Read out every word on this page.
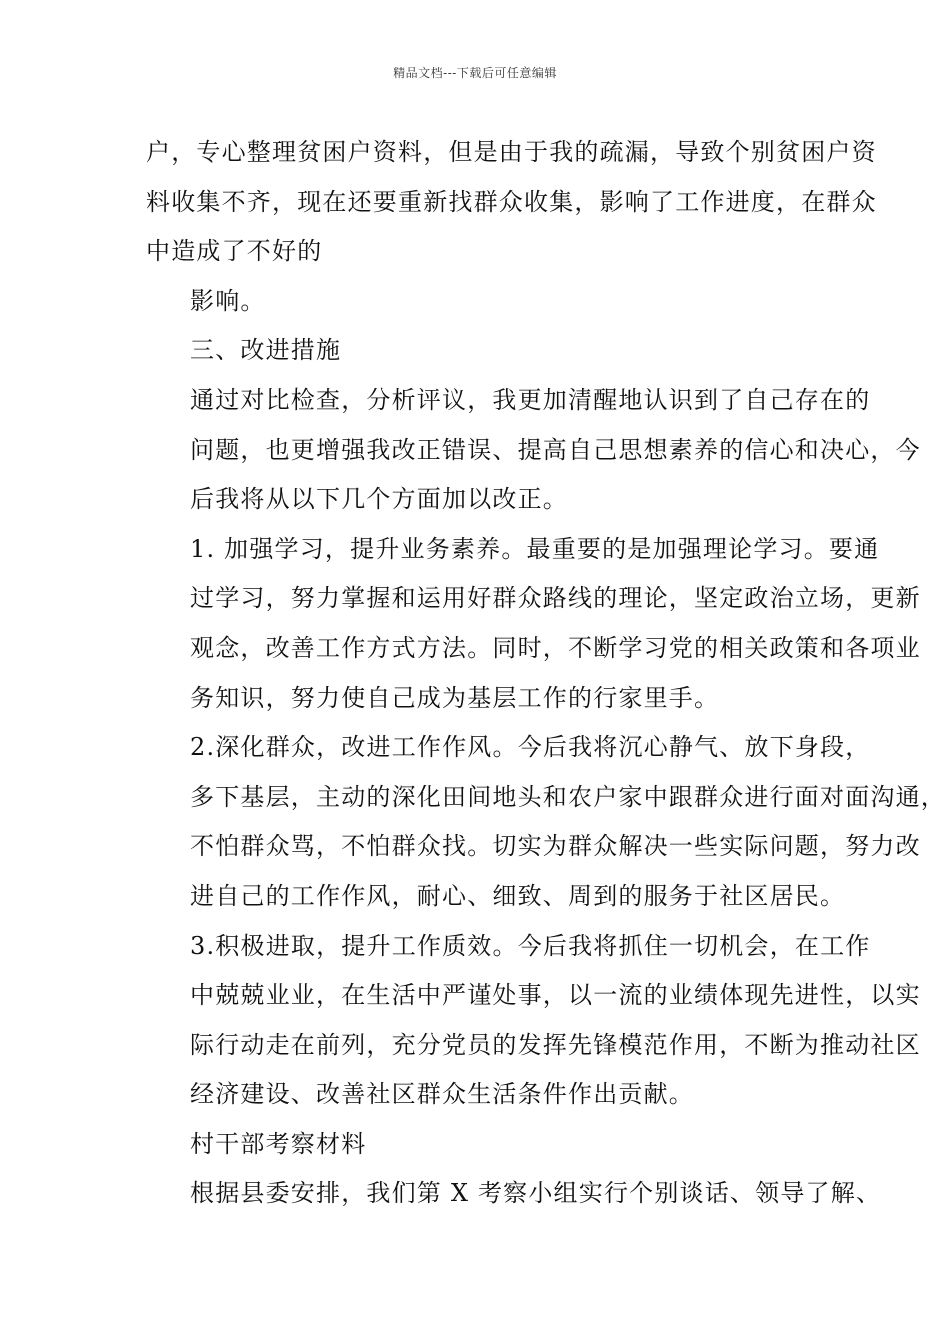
精品文档---下载后可任意编辑

户，专心整理贫困户资料，但是由于我的疏漏，导致个别贫困户资
料收集不齐，现在还要重新找群众收集，影响了工作进度，在群众
中造成了不好的

影响。

三、改进措施

通过对比检查，分析评议，我更加清醒地认识到了自己存在的
问题，也更增强我改正错误、提高自己思想素养的信心和决心，今
后我将从以下几个方面加以改正。

1. 加强学习，提升业务素养。最重要的是加强理论学习。要通
过学习，努力掌握和运用好群众路线的理论，坚定政治立场，更新
观念，改善工作方式方法。同时，不断学习党的相关政策和各项业
务知识，努力使自己成为基层工作的行家里手。

2.深化群众，改进工作作风。今后我将沉心静气、放下身段，
多下基层，主动的深化田间地头和农户家中跟群众进行面对面沟通，
不怕群众骂，不怕群众找。切实为群众解决一些实际问题，努力改
进自己的工作作风，耐心、细致、周到的服务于社区居民。

3.积极进取，提升工作质效。今后我将抓住一切机会，在工作
中兢兢业业，在生活中严谨处事，以一流的业绩体现先进性，以实
际行动走在前列，充分党员的发挥先锋模范作用，不断为推动社区
经济建设、改善社区群众生活条件作出贡献。

村干部考察材料

根据县委安排，我们第 X 考察小组实行个别谈话、领导了解、
